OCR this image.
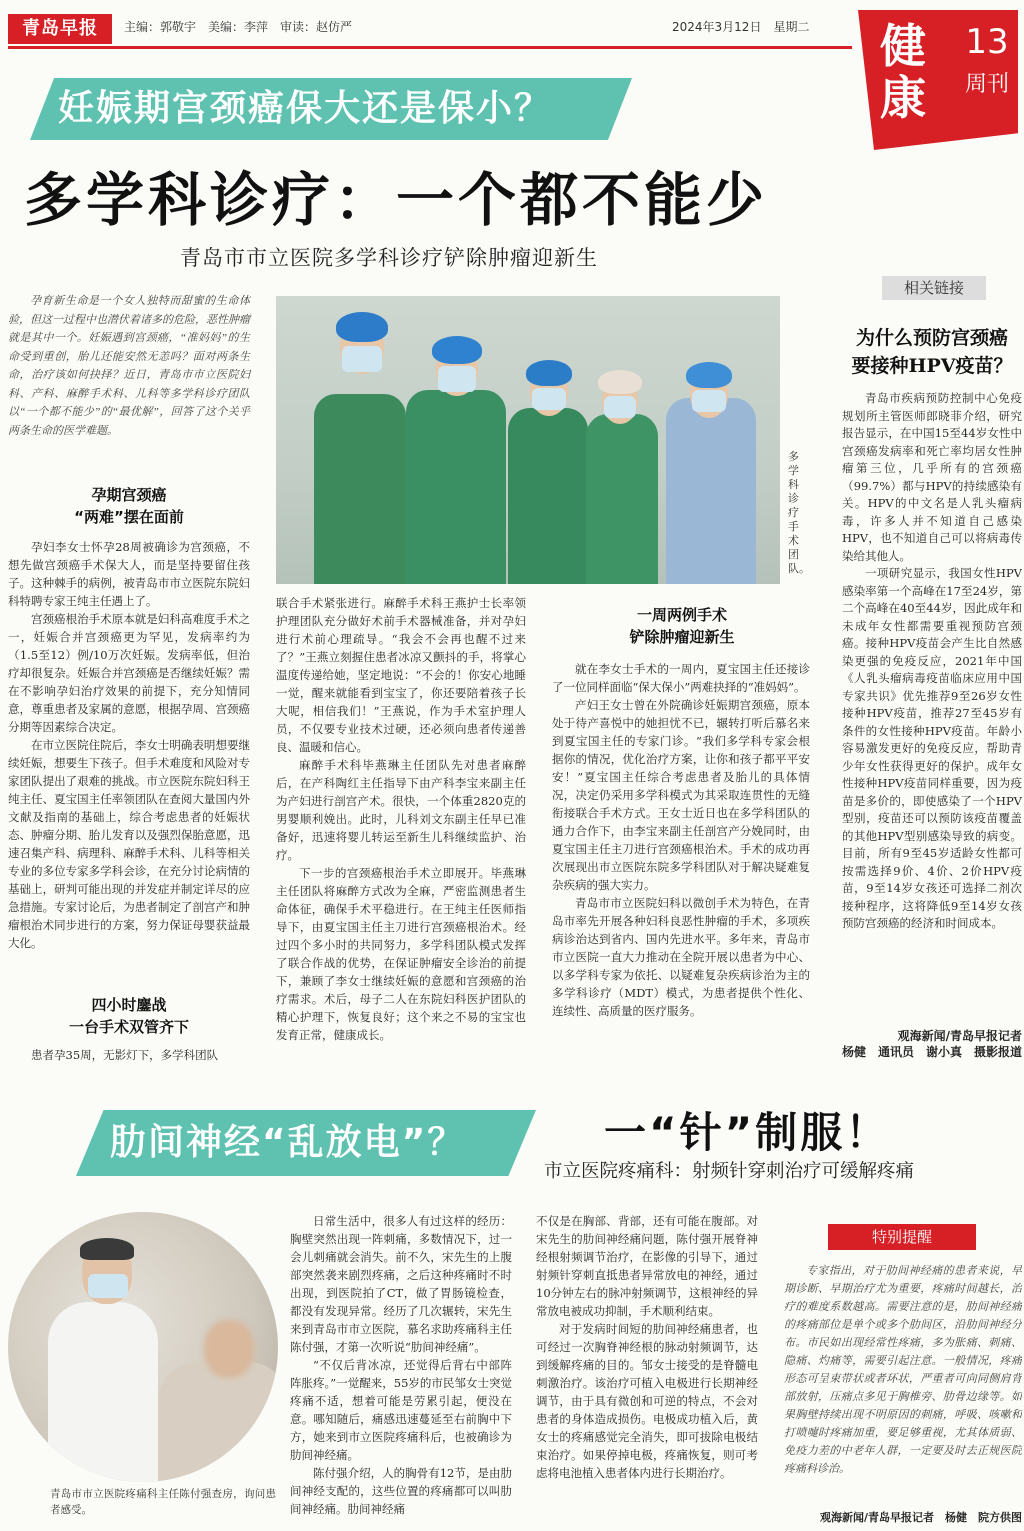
青岛早报	主编：郭敬宇　美编：李萍　审读：赵仿严	2024年3月12日　星期二 健康
13
周刊
妊娠期宫颈癌保大还是保小？
多学科诊疗：一个都不能少
青岛市市立医院多学科诊疗铲除肿瘤迎新生

孕育新生命是一个女人独特而甜蜜的生命体验，但这一过程中也潜伏着诸多的危险，恶性肿瘤就是其中一个。妊娠遇到宫颈癌，“准妈妈”的生命受到重创，胎儿还能安然无恙吗？面对两条生命，治疗该如何抉择？近日，青岛市市立医院妇科、产科、麻醉手术科、儿科等多学科诊疗团队以“一个都不能少”的“最优解”，回答了这个关乎两条生命的医学难题。

孕期宫颈癌
“两难”摆在面前

孕妇李女士怀孕28周被确诊为宫颈癌，不想先做宫颈癌手术保大人，而是坚持要留住孩子。这种棘手的病例，被青岛市市立医院东院妇科特聘专家王纯主任遇上了。

宫颈癌根治手术原本就是妇科高难度手术之一，妊娠合并宫颈癌更为罕见，发病率约为（1.5至12）例/10万次妊娠。发病率低，但治疗却很复杂。妊娠合并宫颈癌是否继续妊娠？需在不影响孕妇治疗效果的前提下，充分知情同意，尊重患者及家属的意愿，根据孕周、宫颈癌分期等因素综合决定。

在市立医院住院后，李女士明确表明想要继续妊娠，想要生下孩子。但手术难度和风险对专家团队提出了艰难的挑战。市立医院东院妇科王纯主任、夏宝国主任率领团队在查阅大量国内外文献及指南的基础上，综合考虑患者的妊娠状态、肿瘤分期、胎儿发育以及强烈保胎意愿，迅速召集产科、病理科、麻醉手术科、儿科等相关专业的多位专家多学科会诊，在充分讨论病情的基础上，研判可能出现的并发症并制定详尽的应急措施。专家讨论后，为患者制定了剖宫产和肿瘤根治术同步进行的方案，努力保证母婴获益最大化。

四小时鏖战
一台手术双管齐下

患者孕35周，无影灯下，多学科团队

多学科诊疗手术团队。

联合手术紧张进行。麻醉手术科王燕护士长率领护理团队充分做好术前手术器械准备，并对孕妇进行术前心理疏导。“我会不会再也醒不过来了？”王燕立刻握住患者冰凉又颤抖的手，将掌心温度传递给她，坚定地说：“不会的！你安心地睡一觉，醒来就能看到宝宝了，你还要陪着孩子长大呢，相信我们！”王燕说，作为手术室护理人员，不仅要专业技术过硬，还必须向患者传递善良、温暖和信心。

麻醉手术科毕燕琳主任团队先对患者麻醉后，在产科陶红主任指导下由产科李宝来副主任为产妇进行剖宫产术。很快，一个体重2820克的男婴顺利娩出。此时，儿科刘文东副主任早已准备好，迅速将婴儿转运至新生儿科继续监护、治疗。

下一步的宫颈癌根治手术立即展开。毕燕琳主任团队将麻醉方式改为全麻，严密监测患者生命体征，确保手术平稳进行。在王纯主任医师指导下，由夏宝国主任主刀进行宫颈癌根治术。经过四个多小时的共同努力，多学科团队模式发挥了联合作战的优势，在保证肿瘤安全诊治的前提下，兼顾了李女士继续妊娠的意愿和宫颈癌的治疗需求。术后，母子二人在东院妇科医护团队的精心护理下，恢复良好；这个来之不易的宝宝也发育正常，健康成长。

一周两例手术
铲除肿瘤迎新生

就在李女士手术的一周内，夏宝国主任还接诊了一位同样面临“保大保小”两难抉择的“准妈妈”。

产妇王女士曾在外院确诊妊娠期宫颈癌，原本处于待产喜悦中的她担忧不已，辗转打听后慕名来到夏宝国主任的专家门诊。“我们多学科专家会根据你的情况，优化治疗方案，让你和孩子都平平安安！”夏宝国主任综合考虑患者及胎儿的具体情况，决定仍采用多学科模式为其采取连贯性的无缝衔接联合手术方式。王女士近日也在多学科团队的通力合作下，由李宝来副主任剖宫产分娩同时，由夏宝国主任主刀进行宫颈癌根治术。手术的成功再次展现出市立医院东院多学科团队对于解决疑难复杂疾病的强大实力。

青岛市市立医院妇科以微创手术为特色，在青岛市率先开展各种妇科良恶性肿瘤的手术，多项疾病诊治达到省内、国内先进水平。多年来，青岛市市立医院一直大力推动在全院开展以患者为中心、以多学科专家为依托、以疑难复杂疾病诊治为主的多学科诊疗（MDT）模式，为患者提供个性化、连续性、高质量的医疗服务。

相关链接
为什么预防宫颈癌
要接种HPV疫苗？

青岛市疾病预防控制中心免疫规划所主管医师郎晓菲介绍，研究报告显示，在中国15至44岁女性中宫颈癌发病率和死亡率均居女性肿瘤第三位，几乎所有的宫颈癌（99.7%）都与HPV的持续感染有关。HPV的中文名是人乳头瘤病毒，许多人并不知道自己感染HPV，也不知道自己可以将病毒传染给其他人。

一项研究显示，我国女性HPV感染率第一个高峰在17至24岁，第二个高峰在40至44岁，因此成年和未成年女性都需要重视预防宫颈癌。接种HPV疫苗会产生比自然感染更强的免疫反应，2021年中国《人乳头瘤病毒疫苗临床应用中国专家共识》优先推荐9至26岁女性接种HPV疫苗，推荐27至45岁有条件的女性接种HPV疫苗。年龄小容易激发更好的免疫反应，帮助青少年女性获得更好的保护。成年女性接种HPV疫苗同样重要，因为疫苗是多价的，即使感染了一个HPV型别，疫苗还可以预防该疫苗覆盖的其他HPV型别感染导致的病变。目前，所有9至45岁适龄女性都可按需选择9价、4价、2价HPV疫苗，9至14岁女孩还可选择二剂次接种程序，这将降低9至14岁女孩预防宫颈癌的经济和时间成本。

观海新闻/青岛早报记者
杨健　通讯员　谢小真　摄影报道
肋间神经“乱放电”？	一“针”制服！
市立医院疼痛科：射频针穿刺治疗可缓解疼痛

青岛市市立医院疼痛科主任陈付强查房，询问患者感受。

日常生活中，很多人有过这样的经历：胸壁突然出现一阵刺痛，多数情况下，过一会儿刺痛就会消失。前不久，宋先生的上腹部突然袭来剧烈疼痛，之后这种疼痛时不时出现，到医院拍了CT，做了胃肠镜检查，都没有发现异常。经历了几次辗转，宋先生来到青岛市市立医院，慕名求助疼痛科主任陈付强，才第一次听说“肋间神经痛”。

“不仅后背冰凉，还觉得后背右中部阵阵胀疼。”一觉醒来，55岁的市民邹女士突觉疼痛不适，想着可能是劳累引起，便没在意。哪知随后，痛感迅速蔓延至右前胸中下方，她来到市立医院疼痛科后，也被确诊为肋间神经痛。

陈付强介绍，人的胸骨有12节，是由肋间神经支配的，这些位置的疼痛都可以叫肋间神经痛。肋间神经痛

不仅是在胸部、背部，还有可能在腹部。对宋先生的肋间神经痛问题，陈付强开展脊神经根射频调节治疗，在影像的引导下，通过射频针穿刺直抵患者异常放电的神经，通过10分钟左右的脉冲射频调节，这根神经的异常放电被成功抑制，手术顺利结束。

对于发病时间短的肋间神经痛患者，也可经过一次胸脊神经根的脉动射频调节，达到缓解疼痛的目的。邹女士接受的是脊髓电刺激治疗。该治疗可植入电极进行长期神经调节，由于具有微创和可逆的特点，不会对患者的身体造成损伤。电极成功植入后，黄女士的疼痛感觉完全消失，即可拔除电极结束治疗。如果停掉电极，疼痛恢复，则可考虑将电池植入患者体内进行长期治疗。

特别提醒

专家指出，对于肋间神经痛的患者来说，早期诊断、早期治疗尤为重要，疼痛时间越长，治疗的难度系数越高。需要注意的是，肋间神经痛的疼痛部位是单个或多个肋间区，沿肋间神经分布。市民如出现经常性疼痛，多为胀痛、刺痛、隐痛、灼痛等，需要引起注意。一般情况，疼痛形态可呈束带状或者环状，严重者可向同侧肩背部放射，压痛点多见于胸椎旁、肋骨边缘等。如果胸壁持续出现不明原因的刺痛，呼吸、咳嗽和打喷嚏时疼痛加重，要足够重视，尤其体质弱、免疫力差的中老年人群，一定要及时去正规医院疼痛科诊治。

观海新闻/青岛早报记者　杨健　院方供图
